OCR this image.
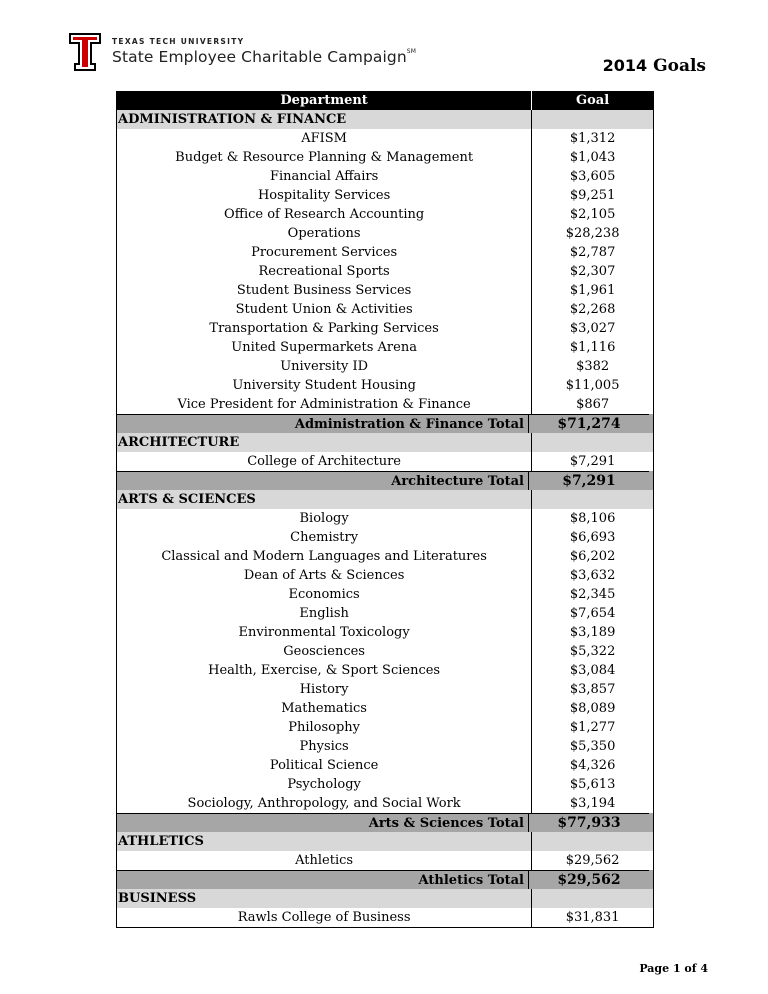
TEXAS TECH UNIVERSITY
State Employee Charitable Campaign℠
2014 Goals
Department	Goal
ADMINISTRATION & FINANCE
AFISM	$1,312
Budget & Resource Planning & Management	$1,043
Financial Affairs	$3,605
Hospitality Services	$9,251
Office of Research Accounting	$2,105
Operations	$28,238
Procurement Services	$2,787
Recreational Sports	$2,307
Student Business Services	$1,961
Student Union & Activities	$2,268
Transportation & Parking Services	$3,027
United Supermarkets Arena	$1,116
University ID	$382
University Student Housing	$11,005
Vice President for Administration & Finance	$867
Administration & Finance Total	$71,274
ARCHITECTURE
College of Architecture	$7,291
Architecture Total	$7,291
ARTS & SCIENCES
Biology	$8,106
Chemistry	$6,693
Classical and Modern Languages and Literatures	$6,202
Dean of Arts & Sciences	$3,632
Economics	$2,345
English	$7,654
Environmental Toxicology	$3,189
Geosciences	$5,322
Health, Exercise, & Sport Sciences	$3,084
History	$3,857
Mathematics	$8,089
Philosophy	$1,277
Physics	$5,350
Political Science	$4,326
Psychology	$5,613
Sociology, Anthropology, and Social Work	$3,194
Arts & Sciences Total	$77,933
ATHLETICS
Athletics	$29,562
Athletics Total	$29,562
BUSINESS
Rawls College of Business	$31,831
Page 1 of 4
